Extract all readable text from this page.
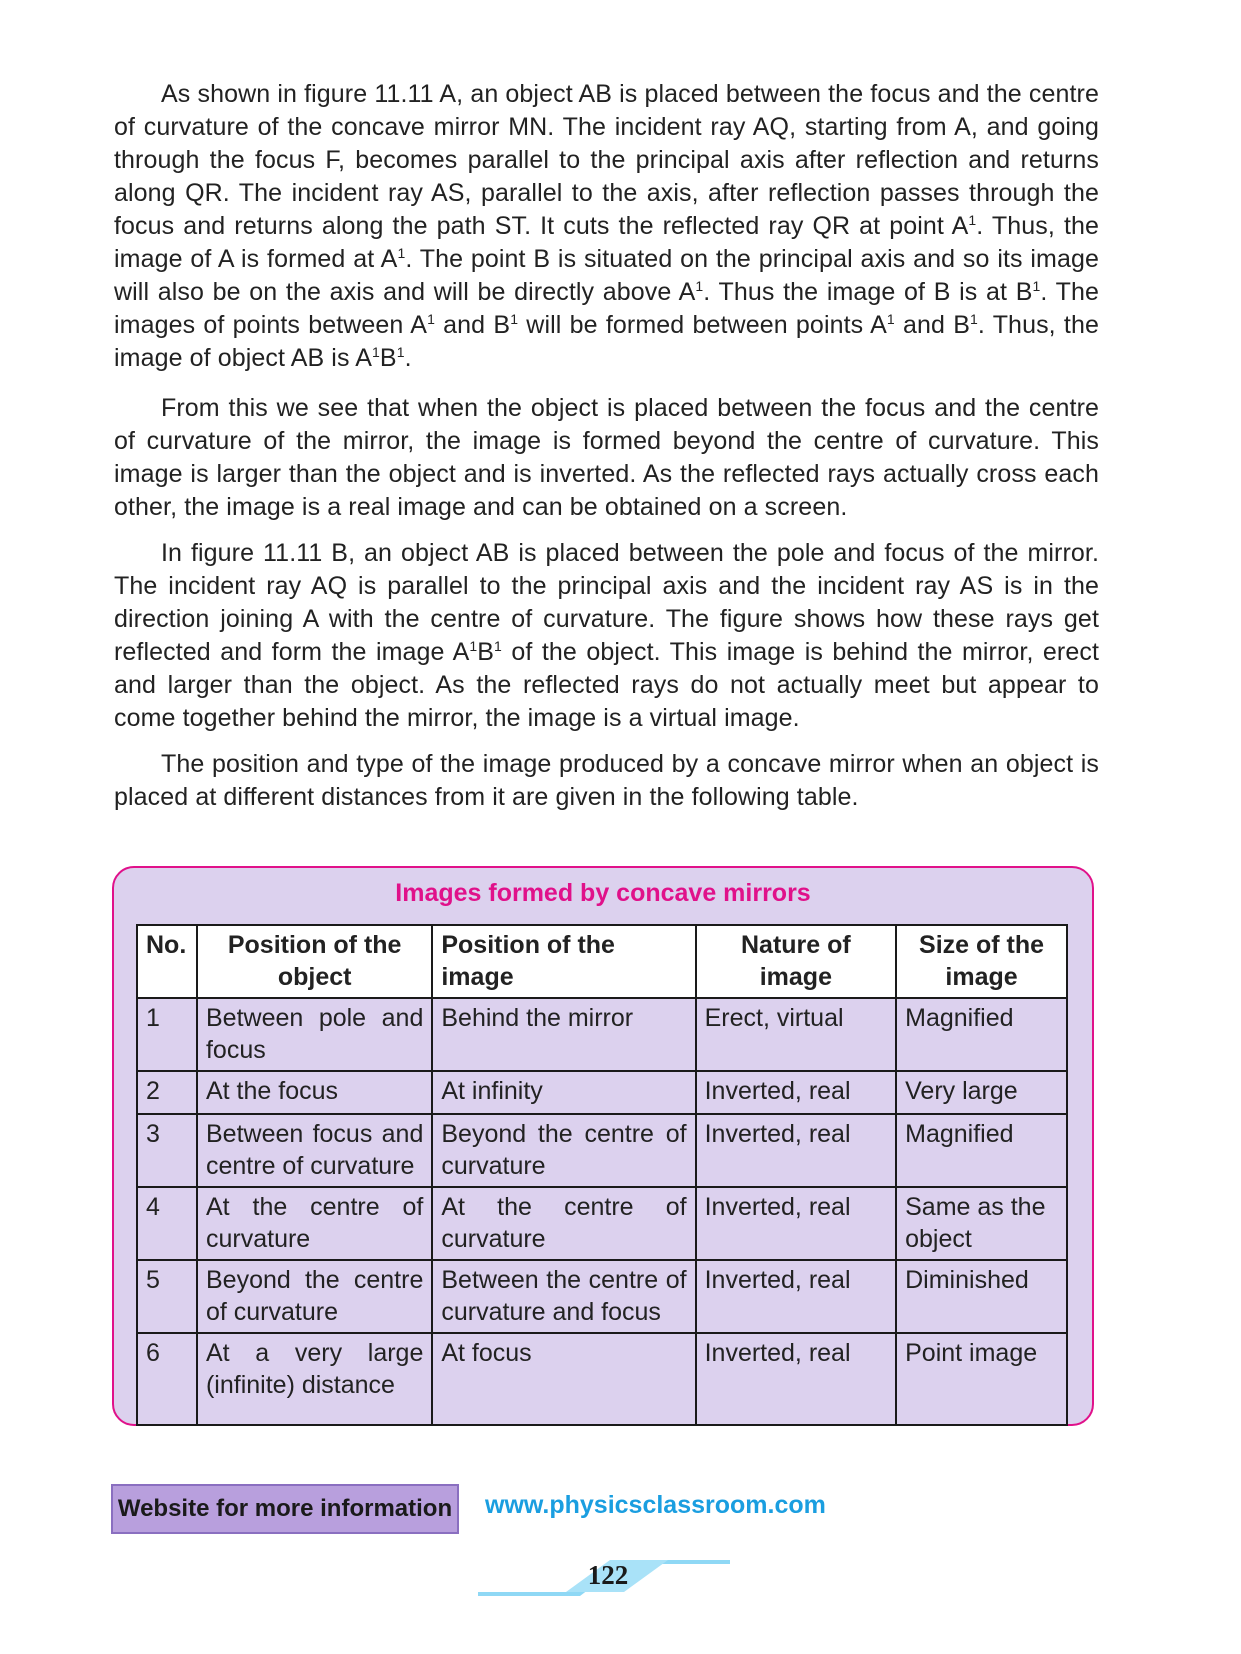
As shown in figure 11.11 A, an object AB is placed between the focus and the centre of curvature of the concave mirror MN. The incident ray AQ, starting from A, and going through the focus F, becomes parallel to the principal axis after reflection and returns along QR. The incident ray AS, parallel to the axis, after reflection passes through the focus and returns along the path ST. It cuts the reflected ray QR at point $A^1$. Thus, the image of A is formed at $A^1$. The point B is situated on the principal axis and so its image will also be on the axis and will be directly above $A^1$. Thus the image of B is at $B^1$. The images of points between $A^1$ and $B^1$ will be formed between points $A^1$ and $B^1$. Thus, the image of object AB is $A^1B^1$.

From this we see that when the object is placed between the focus and the centre of curvature of the mirror, the image is formed beyond the centre of curvature. This image is larger than the object and is inverted. As the reflected rays actually cross each other, the image is a real image and can be obtained on a screen.

In figure 11.11 B, an object AB is placed between the pole and focus of the mirror. The incident ray AQ is parallel to the principal axis and the incident ray AS is in the direction joining A with the centre of curvature. The figure shows how these rays get reflected and form the image $A^1B^1$ of the object. This image is behind the mirror, erect and larger than the object. As the reflected rays do not actually meet but appear to come together behind the mirror, the image is a virtual image.

The position and type of the image produced by a concave mirror when an object is placed at different distances from it are given in the following table.

Images formed by concave mirrors
No.	Position of the object	Position of the image	Nature of image	Size of the image
1	Between pole and focus	Behind the mirror	Erect, virtual	Magnified
2	At the focus	At infinity	Inverted, real	Very large
3	Between focus and centre of curvature	Beyond the centre of curvature	Inverted, real	Magnified
4	At the centre of curvature	At the centre of curvature	Inverted, real	Same as the object
5	Beyond the centre of curvature	Between the centre of curvature and focus	Inverted, real	Diminished
6	At a very large (infinite) distance	At focus	Inverted, real	Point image
Website for more information www.physicsclassroom.com
122
